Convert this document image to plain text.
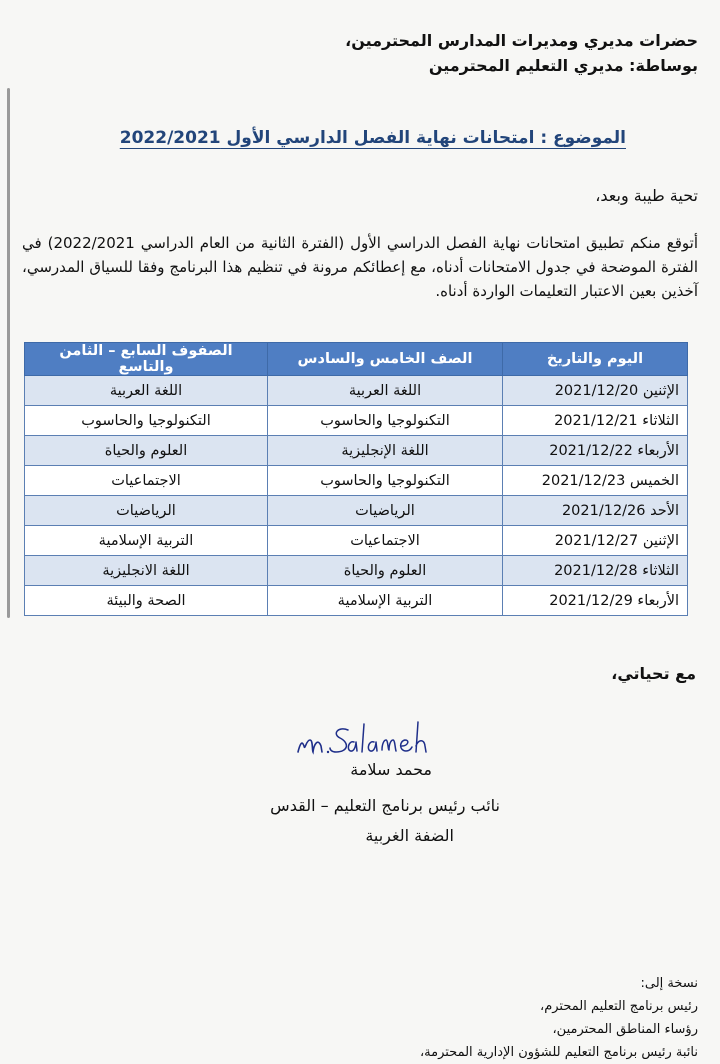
حضرات مديري ومديرات المدارس المحترمين،
بوساطة: مديري التعليم المحترمين
الموضوع : امتحانات نهاية الفصل الدارسي الأول 2022/2021
تحية طيبة وبعد،
أتوقع منكم تطبيق امتحانات نهاية الفصل الدراسي الأول (الفترة الثانية من العام الدراسي 2022/2021) في الفترة الموضحة في جدول الامتحانات أدناه، مع إعطائكم مرونة في تنظيم هذا البرنامج وفقا للسياق المدرسي، آخذين بعين الاعتبار التعليمات الواردة أدناه.
اليوم والتاريخ	الصف الخامس والسادس	الصفوف السابع – الثامن والتاسع
الإثنين 2021/12/20	اللغة العربية	اللغة العربية
الثلاثاء 2021/12/21	التكنولوجيا والحاسوب	التكنولوجيا والحاسوب
الأربعاء 2021/12/22	اللغة الإنجليزية	العلوم والحياة
الخميس 2021/12/23	التكنولوجيا والحاسوب	الاجتماعيات
الأحد 2021/12/26	الرياضيات	الرياضيات
الإثنين 2021/12/27	الاجتماعيات	التربية الإسلامية
الثلاثاء 2021/12/28	العلوم والحياة	اللغة الانجليزية
الأربعاء 2021/12/29	التربية الإسلامية	الصحة والبيئة
مع تحياتي،
محمد سلامة
نائب رئيس برنامج التعليم – القدس
الضفة الغربية
نسخة إلى:
رئيس برنامج التعليم المحترم،
رؤساء المناطق المحترمين،
نائبة رئيس برنامج التعليم للشؤون الإدارية المحترمة،
